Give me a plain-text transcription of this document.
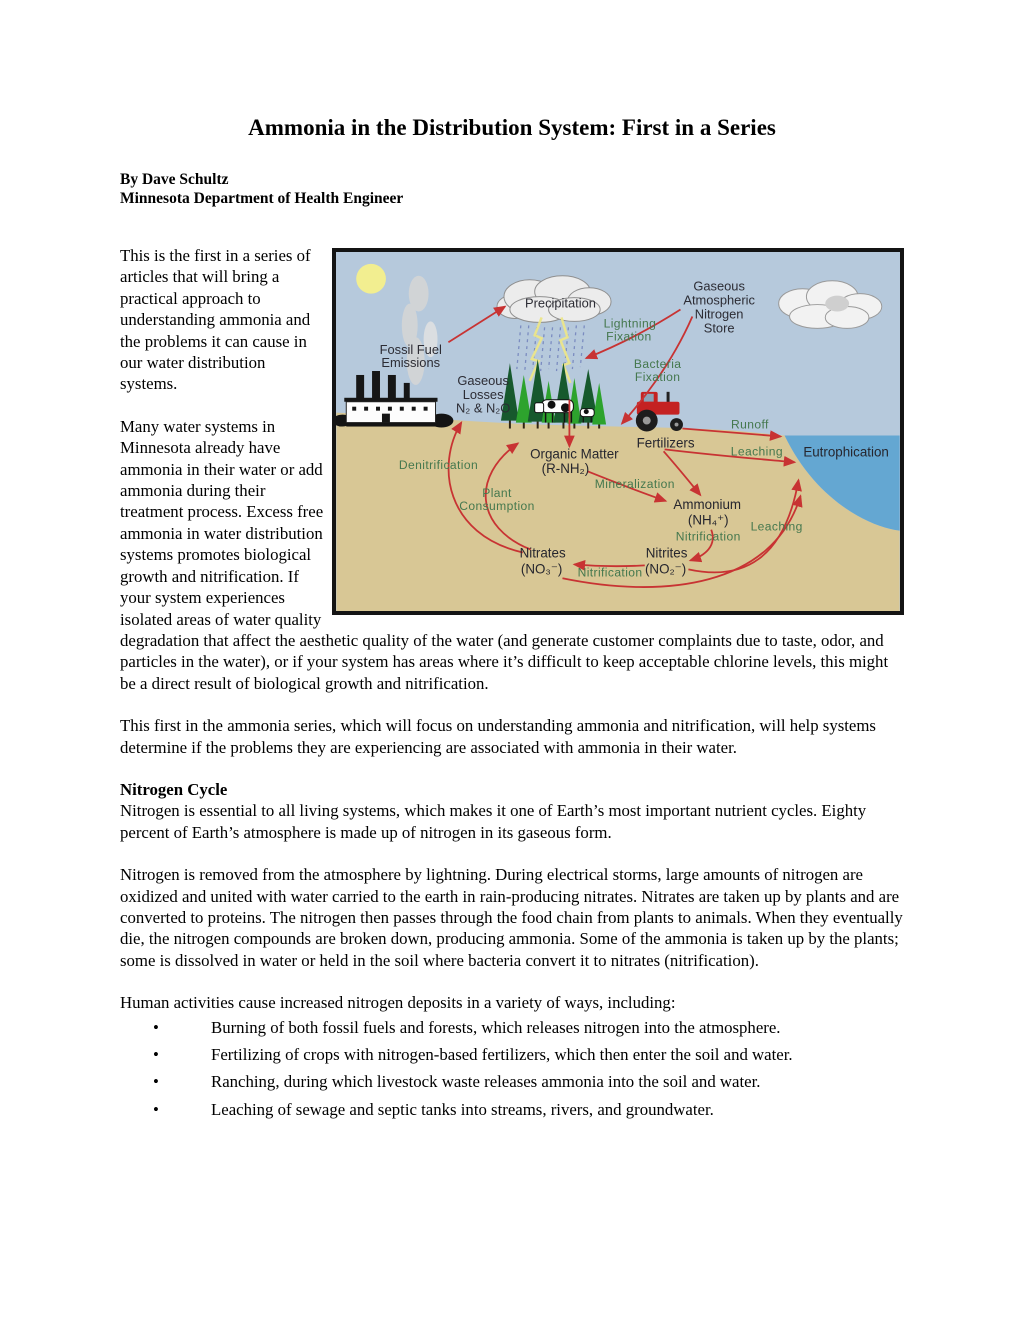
Ammonia in the Distribution System: First in a Series

By Dave Schultz
Minnesota Department of Health Engineer

Precipitation
Gaseous
Atmospheric
Nitrogen
Store
Lightning
Fixation
Fossil Fuel
Emissions	Bacteria
Fixation
Gaseous
Losses
N₂ & N₂O
Runoff
Fertilizers
Leaching Eutrophication
Organic Matter
(R-NH₂)
Denitrification
Mineralization
Plant
Consumption	Ammonium
(NH₄⁺) Leaching
Nitrification
Nitrates
(NO₃⁻)
Nitrites
(NO₂⁻)
Nitrification

This is the first in a series of articles that will bring a practical approach to understanding ammonia and the problems it can cause in our water distribution systems.

Many water systems in Minnesota already have ammonia in their water or add ammonia during their treatment process. Excess free ammonia in water distribution systems promotes biological growth and nitrification. If your system experiences isolated areas of water quality degradation that affect the aesthetic quality of the water (and generate customer complaints due to taste, odor, and particles in the water), or if your system has areas where it’s difficult to keep acceptable chlorine levels, this might be a direct result of biological growth and nitrification.

This first in the ammonia series, which will focus on understanding ammonia and nitrification, will help systems determine if the problems they are experiencing are associated with ammonia in their water.

Nitrogen Cycle

Nitrogen is essential to all living systems, which makes it one of Earth’s most important nutrient cycles. Eighty percent of Earth’s atmosphere is made up of nitrogen in its gaseous form.

Nitrogen is removed from the atmosphere by lightning. During electrical storms, large amounts of nitrogen are oxidized and united with water carried to the earth in rain-producing nitrates. Nitrates are taken up by plants and are converted to proteins. The nitrogen then passes through the food chain from plants to animals. When they eventually die, the nitrogen compounds are broken down, producing ammonia. Some of the ammonia is taken up by the plants; some is dissolved in water or held in the soil where bacteria convert it to nitrates (nitrification).

Human activities cause increased nitrogen deposits in a variety of ways, including:

•	Burning of both fossil fuels and forests, which releases nitrogen into the atmosphere.
•	Fertilizing of crops with nitrogen-based fertilizers, which then enter the soil and water.
•	Ranching, during which livestock waste releases ammonia into the soil and water.
•	Leaching of sewage and septic tanks into streams, rivers, and groundwater.
